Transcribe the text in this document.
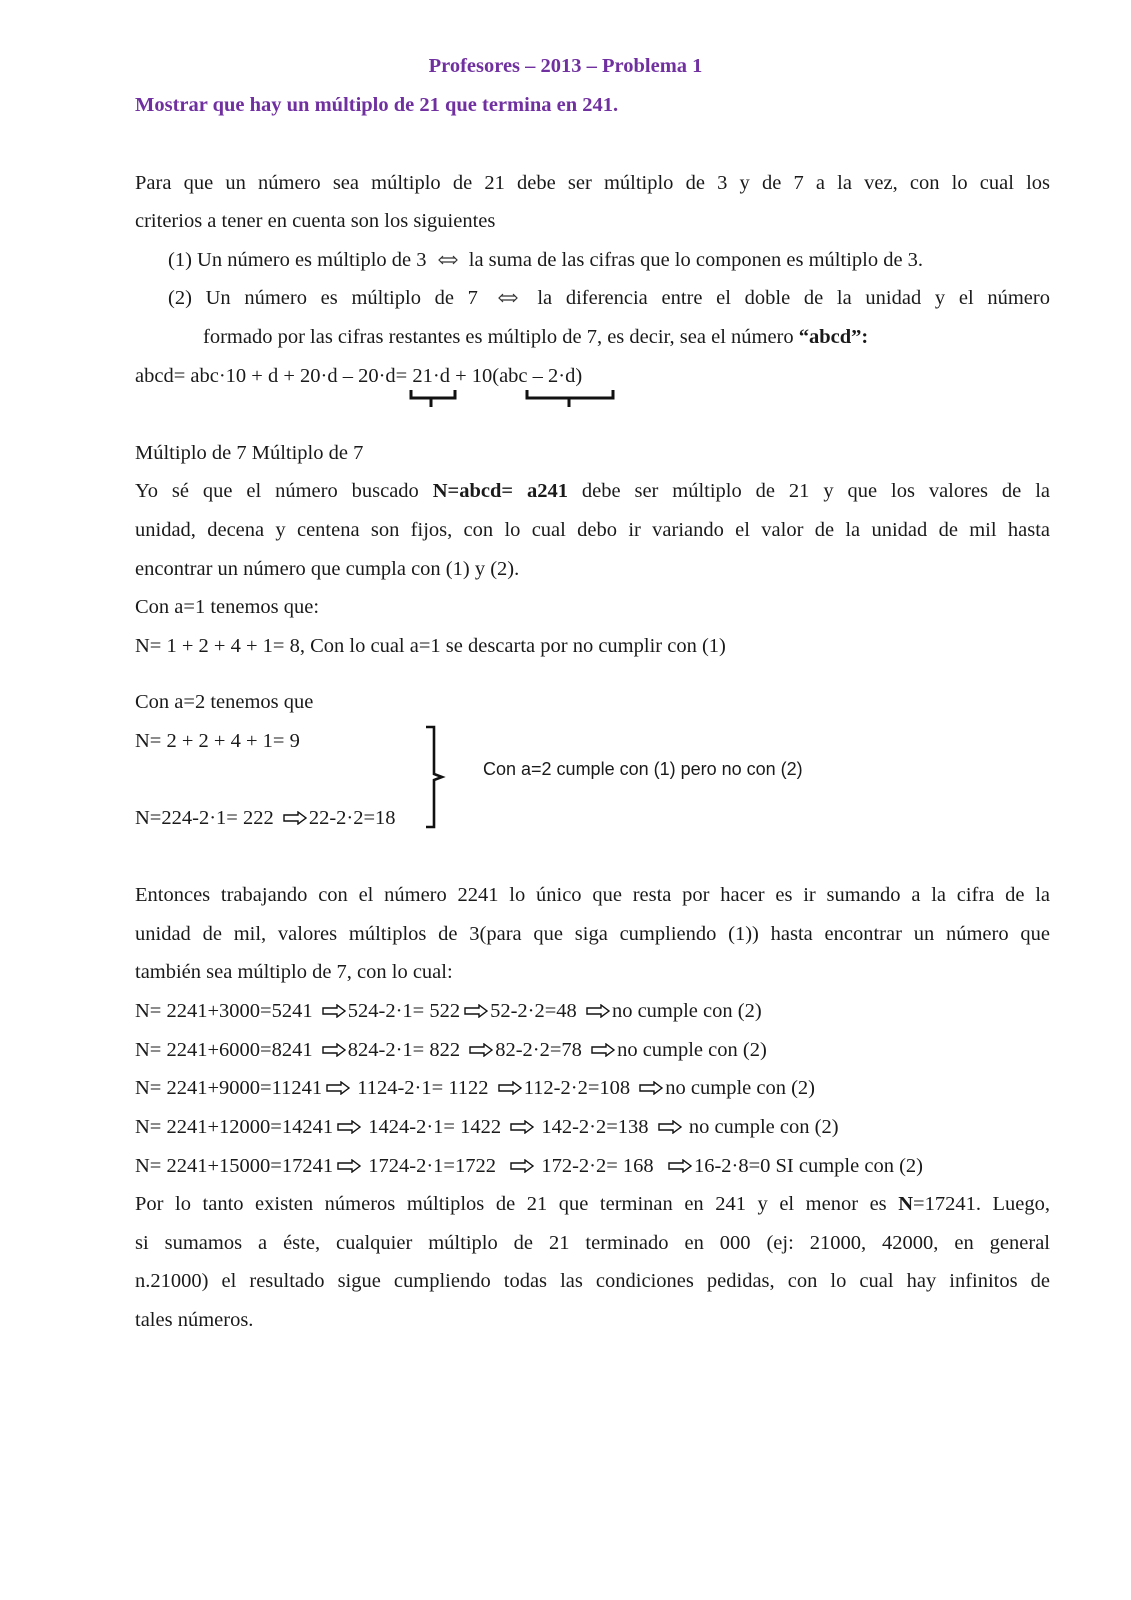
Profesores – 2013 – Problema 1

Mostrar que hay un múltiplo de 21 que termina en 241.

Para que un número sea múltiplo de 21 debe ser múltiplo de 3 y de 7 a la vez, con lo cual los

criterios a tener en cuenta son los siguientes

(1) Un número es múltiplo de 3 la suma de las cifras que lo componen es múltiplo de 3.

(2) Un número es múltiplo de 7	la diferencia entre el doble de la unidad y el número

formado por las cifras restantes es múltiplo de 7, es decir, sea el número “abcd”:

abcd= abc·10 + d + 20·d – 20·d= 21·d + 10(abc – 2·d)

Múltiplo de 7 Múltiplo de 7

Yo sé que el número buscado N=abcd= a241 debe ser múltiplo de 21 y que los valores de la

unidad, decena y centena son fijos, con lo cual debo ir variando el valor de la unidad de mil hasta

encontrar un número que cumpla con (1) y (2).

Con a=1 tenemos que:

N= 1 + 2 + 4 + 1= 8, Con lo cual a=1 se descarta por no cumplir con (1)

Con a=2 tenemos que

N= 2 + 2 + 4 + 1= 9

N=224-2·1= 222 22-2·2=18

Con a=2 cumple con (1) pero no con (2)

Entonces trabajando con el número 2241 lo único que resta por hacer es ir sumando a la cifra de la

unidad de mil, valores múltiplos de 3(para que siga cumpliendo (1)) hasta encontrar un número que

también sea múltiplo de 7, con lo cual:

N= 2241+3000=5241 524-2·1= 522 52-2·2=48 no cumple con (2)

N= 2241+6000=8241 824-2·1= 822 82-2·2=78 no cumple con (2)

N= 2241+9000=11241 1124-2·1= 1122 112-2·2=108 no cumple con (2)

N= 2241+12000=14241 1424-2·1= 1422 142-2·2=138 no cumple con (2)

N= 2241+15000=17241 1724-2·1=1722 172-2·2= 168 16-2·8=0 SI cumple con (2)

Por lo tanto existen números múltiplos de 21 que terminan en 241 y el menor es N=17241. Luego,

si sumamos a éste, cualquier múltiplo de 21 terminado en 000 (ej: 21000, 42000, en general

n.21000) el resultado sigue cumpliendo todas las condiciones pedidas, con lo cual hay infinitos de

tales números.
